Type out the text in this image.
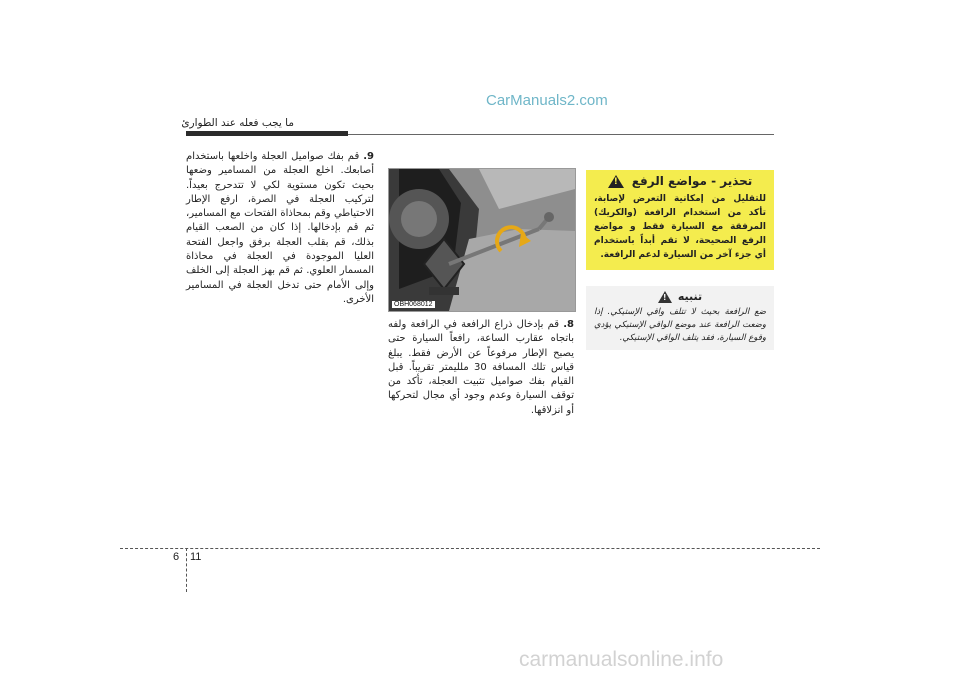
CarManuals2.com
ما يجب فعله عند الطوارئ
تحذير - مواضع الرفع
!
للتقليل من إمكانية التعرض لإصابة، تأكد من استخدام الرافعة (والكريك) المرفقة مع السيارة فقط و مواضع الرفع الصحيحة، لا تقم أبداً باستخدام أي جزء آخر من السيارة لدعم الرافعة.
تنبيه
!
ضع الرافعة بحيث لا تتلف واقي الإستيكي. إذا وضعت الرافعة عند موضع الواقي الإستيكي يؤدي وقوع السيارة، فقد يتلف الواقي الإستيكي.
OBH068012
8. قم بإدخال ذراع الرافعة في الرافعة ولفه باتجاه عقارب الساعة، رافعاً السيارة حتى يصبح الإطار مرفوعاً عن الأرض فقط. يبلغ قياس تلك المسافة 30 ملليمتر تقريباً. قبل القيام بفك صواميل تثبيت العجلة، تأكد من توقف السيارة وعدم وجود أي مجال لتحركها أو انزلاقها.
9. قم بفك صواميل العجلة واخلعها باستخدام أصابعك. اخلع العجلة من المسامير وضعها بحيث تكون مستوية لكي لا تتدحرج بعيداً. لتركيب العجلة في الصرة، ارفع الإطار الاحتياطي وقم بمحاذاة الفتحات مع المسامير، ثم قم بإدخالها. إذا كان من الصعب القيام بذلك، قم بقلب العجلة برفق واجعل الفتحة العليا الموجودة في العجلة في محاذاة المسمار العلوي. ثم قم بهز العجلة إلى الخلف وإلى الأمام حتى تدخل العجلة في المسامير الأخرى.
6 11
carmanualsonline.info
